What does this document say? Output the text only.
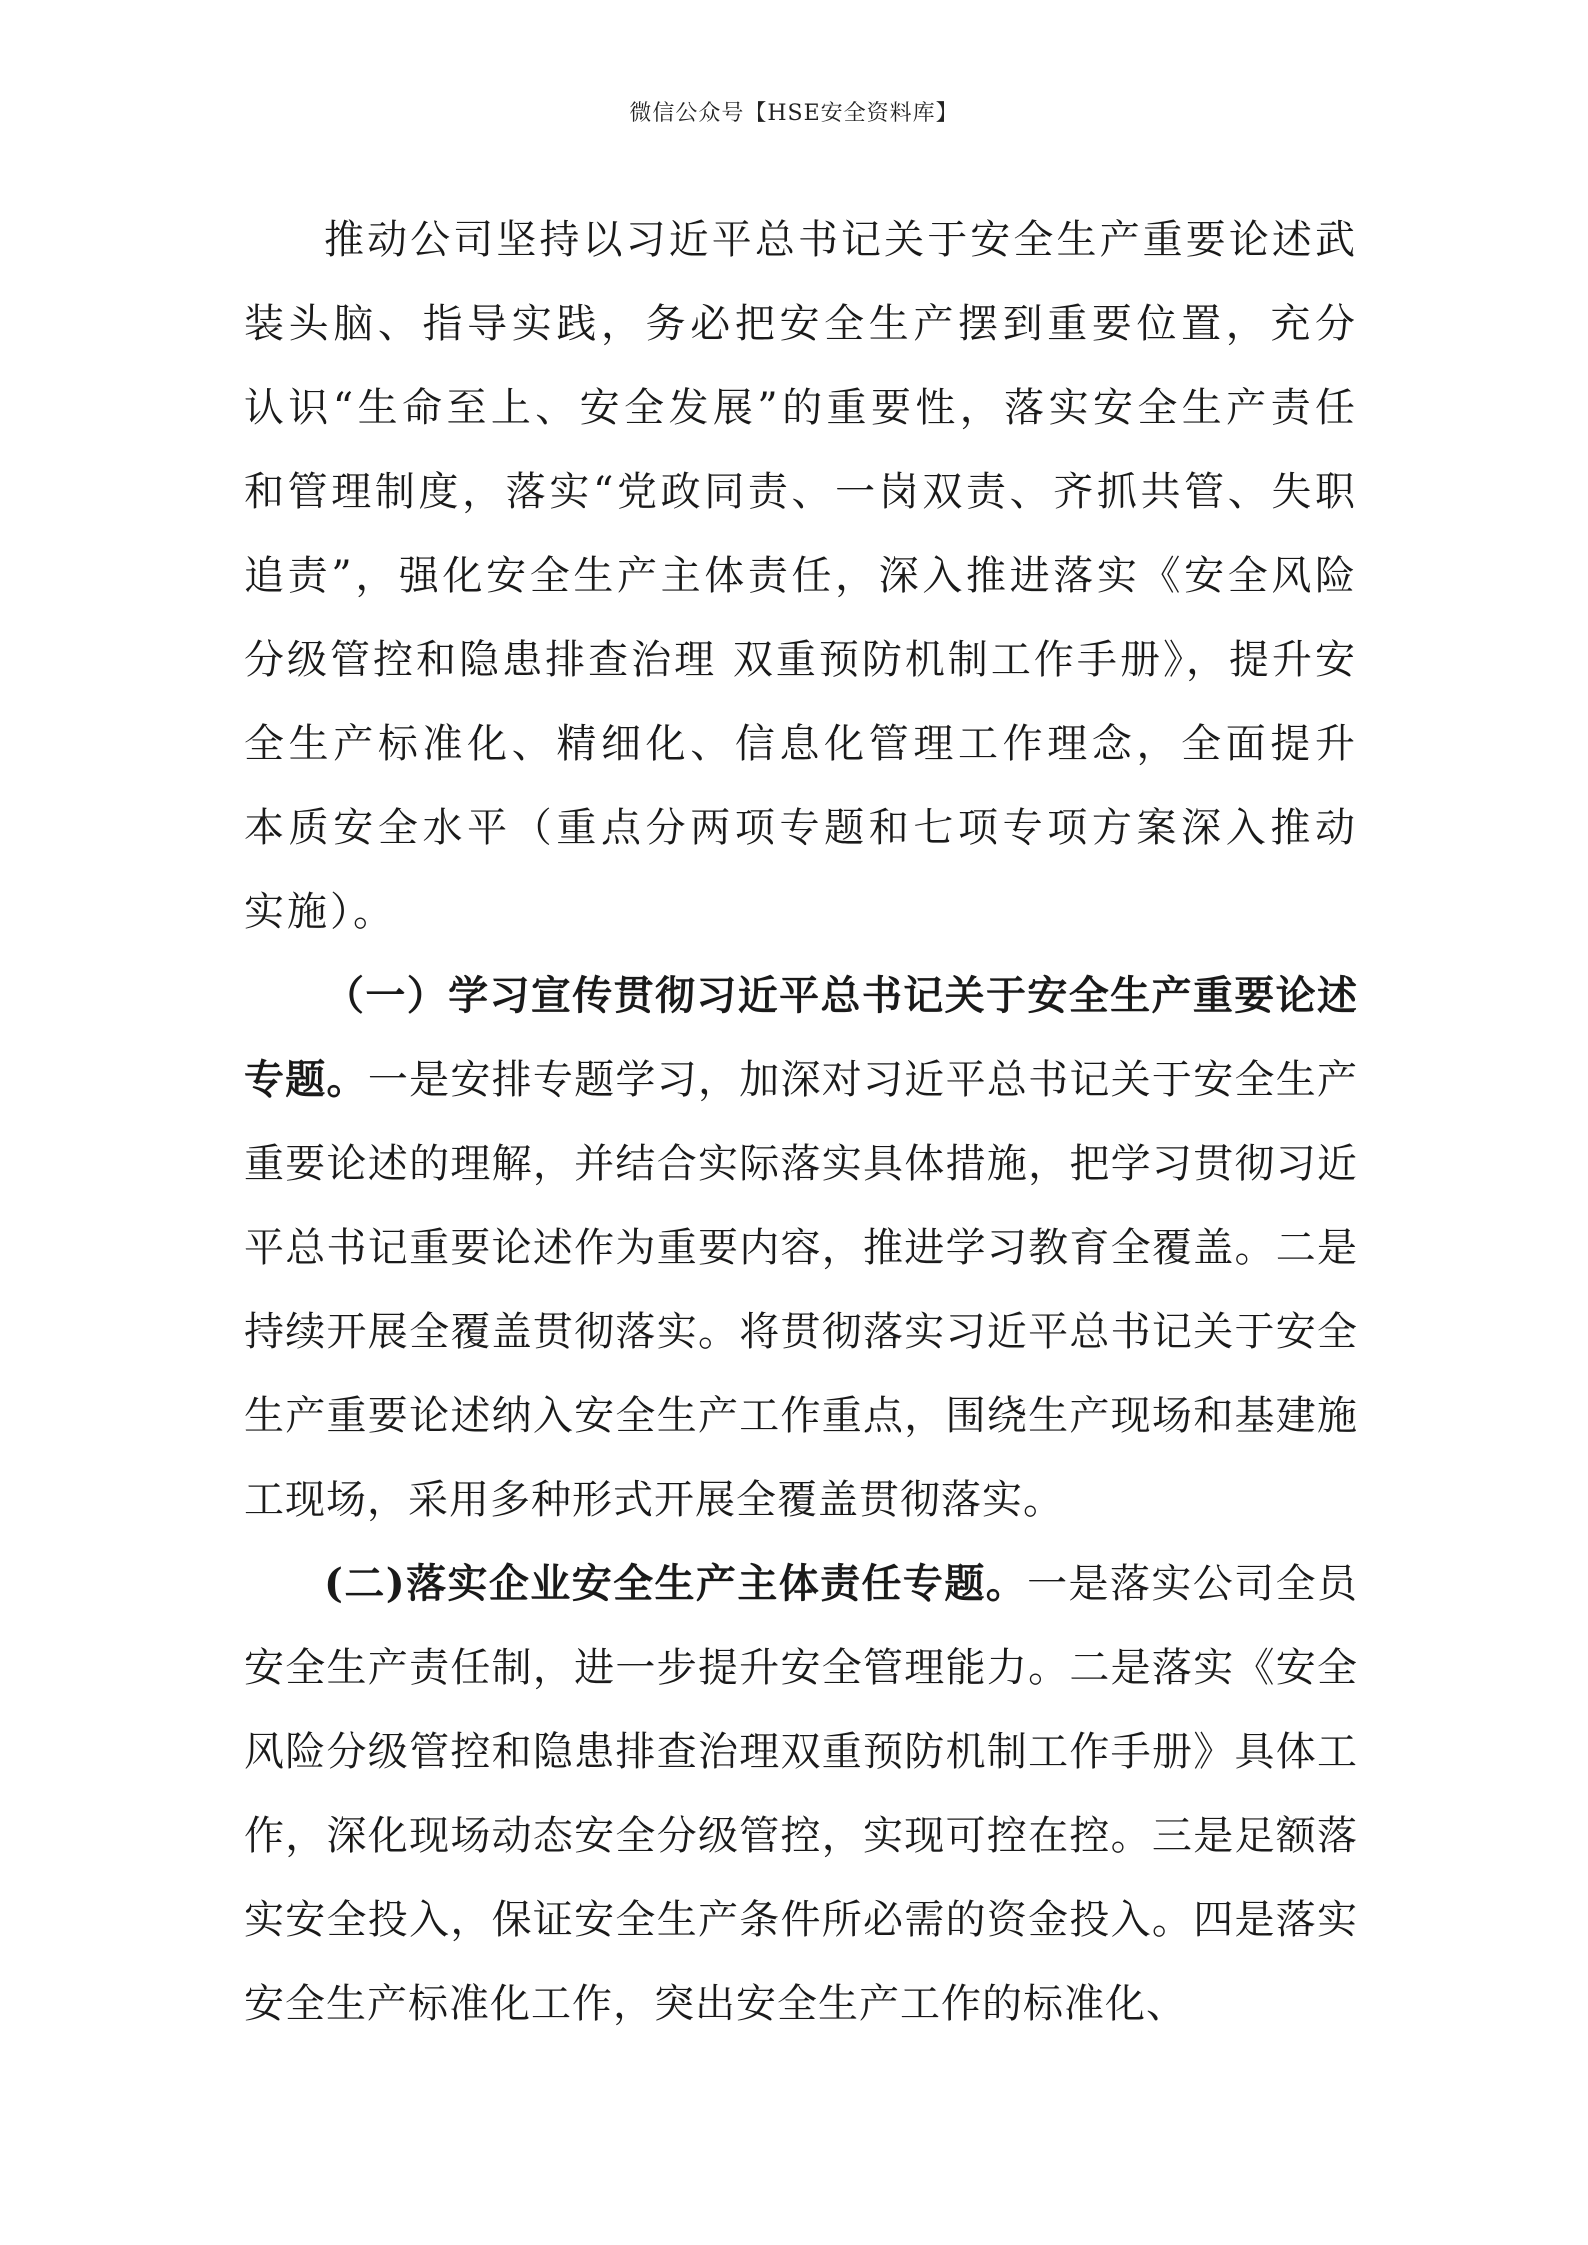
微信公众号【HSE安全资料库】

推动公司坚持以习近平总书记关于安全生产重要论述武装头脑、指导实践，务必把安全生产摆到重要位置，充分认识“生命至上、安全发展”的重要性，落实安全生产责任和管理制度，落实“党政同责、一岗双责、齐抓共管、失职追责”，强化安全生产主体责任，深入推进落实《安全风险分级管控和隐患排查治理 双重预防机制工作手册》，提升安全生产标准化、精细化、信息化管理工作理念，全面提升本质安全水平（重点分两项专题和七项专项方案深入推动实施）。

（一）学习宣传贯彻习近平总书记关于安全生产重要论述专题。一是安排专题学习，加深对习近平总书记关于安全生产重要论述的理解，并结合实际落实具体措施，把学习贯彻习近平总书记重要论述作为重要内容，推进学习教育全覆盖。二是持续开展全覆盖贯彻落实。将贯彻落实习近平总书记关于安全生产重要论述纳入安全生产工作重点，围绕生产现场和基建施工现场，采用多种形式开展全覆盖贯彻落实。

(二)落实企业安全生产主体责任专题。一是落实公司全员安全生产责任制，进一步提升安全管理能力。二是落实《安全风险分级管控和隐患排查治理双重预防机制工作手册》具体工作，深化现场动态安全分级管控，实现可控在控。三是足额落实安全投入，保证安全生产条件所必需的资金投入。四是落实安全生产标准化工作，突出安全生产工作的标准化、
